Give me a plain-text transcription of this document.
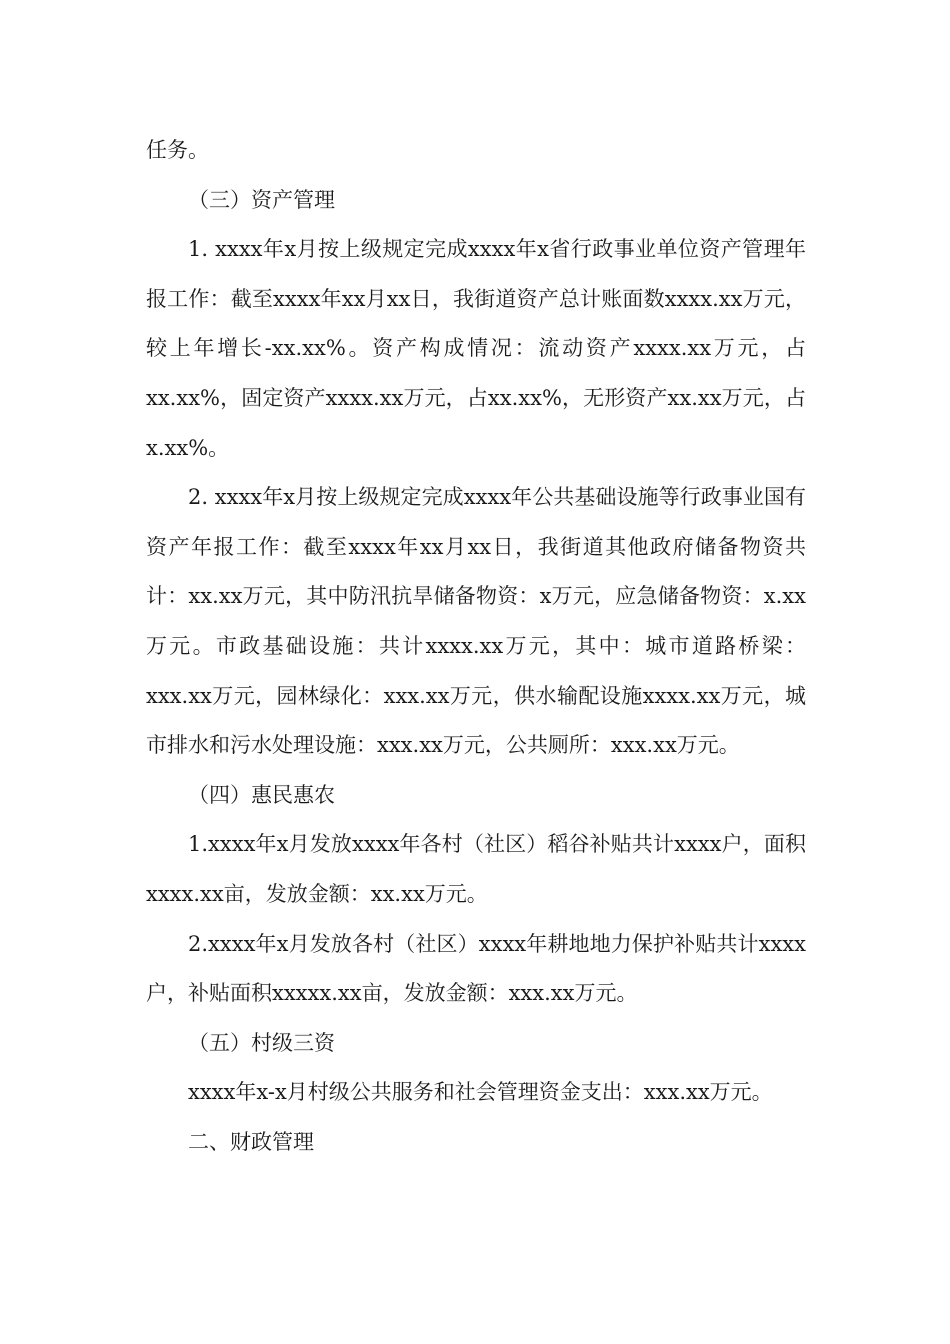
任务。

（三）资产管理

1. xxxx年x月按上级规定完成xxxx年x省行政事业单位资产管理年报工作：截至xxxx年xx月xx日，我街道资产总计账面数xxxx.xx万元，较上年增长-xx.xx%。资产构成情况：流动资产xxxx.xx万元，占xx.xx%，固定资产xxxx.xx万元，占xx.xx%，无形资产xx.xx万元，占x.xx%。

2. xxxx年x月按上级规定完成xxxx年公共基础设施等行政事业国有资产年报工作：截至xxxx年xx月xx日，我街道其他政府储备物资共计：xx.xx万元，其中防汛抗旱储备物资：x万元，应急储备物资：x.xx万元。市政基础设施：共计xxxx.xx万元，其中：城市道路桥梁：xxx.xx万元，园林绿化：xxx.xx万元，供水输配设施xxxx.xx万元，城市排水和污水处理设施：xxx.xx万元，公共厕所：xxx.xx万元。

（四）惠民惠农

1.xxxx年x月发放xxxx年各村（社区）稻谷补贴共计xxxx户，面积xxxx.xx亩，发放金额：xx.xx万元。

2.xxxx年x月发放各村（社区）xxxx年耕地地力保护补贴共计xxxx户，补贴面积xxxxx.xx亩，发放金额：xxx.xx万元。

（五）村级三资

xxxx年x-x月村级公共服务和社会管理资金支出：xxx.xx万元。

二、财政管理
